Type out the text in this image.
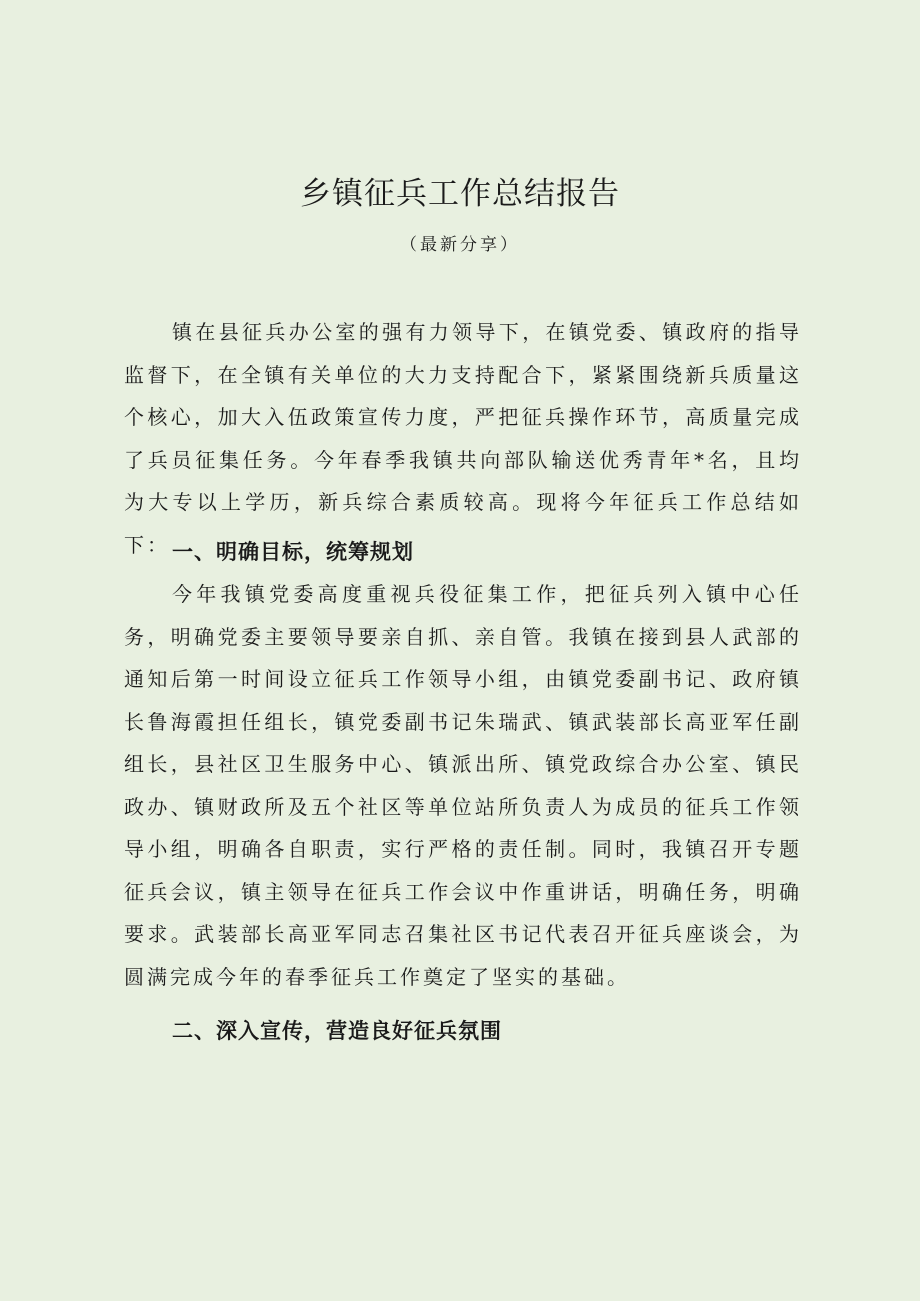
乡镇征兵工作总结报告
（最新分享）

镇在县征兵办公室的强有力领导下，在镇党委、镇政府的指导监督下，在全镇有关单位的大力支持配合下，紧紧围绕新兵质量这个核心，加大入伍政策宣传力度，严把征兵操作环节，高质量完成了兵员征集任务。今年春季我镇共向部队输送优秀青年*名，且均为大专以上学历，新兵综合素质较高。现将今年征兵工作总结如下： 一、明确目标，统筹规划

今年我镇党委高度重视兵役征集工作，把征兵列入镇中心任务，明确党委主要领导要亲自抓、亲自管。我镇在接到县人武部的通知后第一时间设立征兵工作领导小组，由镇党委副书记、政府镇长鲁海霞担任组长，镇党委副书记朱瑞武、镇武装部长高亚军任副组长，县社区卫生服务中心、镇派出所、镇党政综合办公室、镇民政办、镇财政所及五个社区等单位站所负责人为成员的征兵工作领导小组，明确各自职责，实行严格的责任制。同时，我镇召开专题征兵会议，镇主领导在征兵工作会议中作重讲话，明确任务，明确要求。武装部长高亚军同志召集社区书记代表召开征兵座谈会，为圆满完成今年的春季征兵工作奠定了坚实的基础。

二、深入宣传，营造良好征兵氛围
